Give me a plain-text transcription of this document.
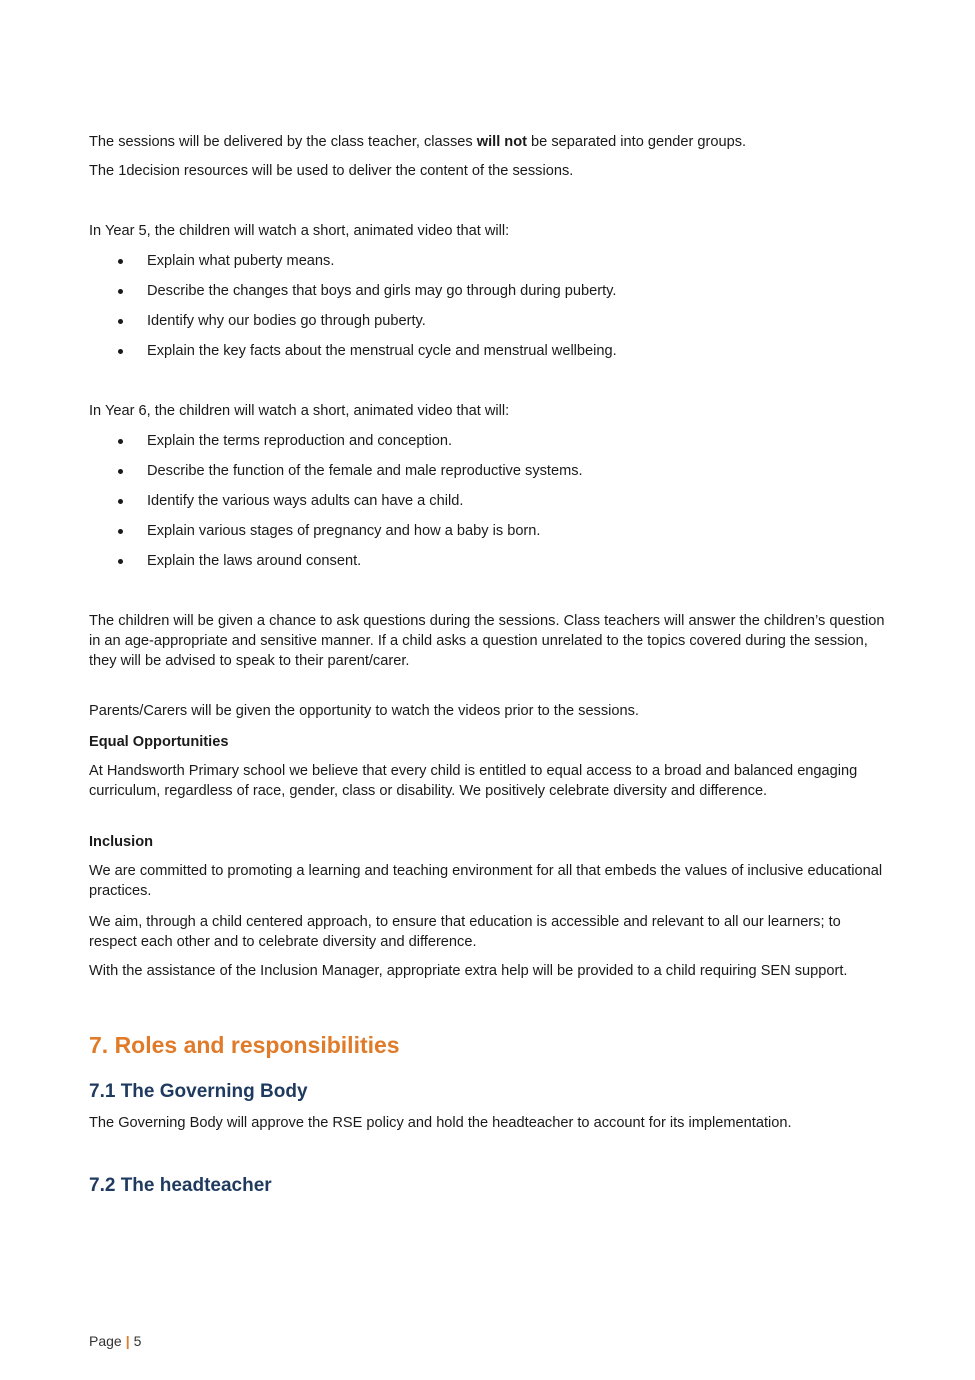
The sessions will be delivered by the class teacher, classes will not be separated into gender groups.

The 1decision resources will be used to deliver the content of the sessions.

In Year 5, the children will watch a short, animated video that will:

Explain what puberty means.
Describe the changes that boys and girls may go through during puberty.
Identify why our bodies go through puberty.
Explain the key facts about the menstrual cycle and menstrual wellbeing.

In Year 6, the children will watch a short, animated video that will:

Explain the terms reproduction and conception.
Describe the function of the female and male reproductive systems.
Identify the various ways adults can have a child.
Explain various stages of pregnancy and how a baby is born.
Explain the laws around consent.

The children will be given a chance to ask questions during the sessions. Class teachers will answer the children’s question in an age-appropriate and sensitive manner. If a child asks a question unrelated to the topics covered during the session, they will be advised to speak to their parent/carer.

Parents/Carers will be given the opportunity to watch the videos prior to the sessions.

Equal Opportunities

At Handsworth Primary school we believe that every child is entitled to equal access to a broad and balanced engaging curriculum, regardless of race, gender, class or disability. We positively celebrate diversity and difference.

Inclusion

We are committed to promoting a learning and teaching environment for all that embeds the values of inclusive educational practices.

We aim, through a child centered approach, to ensure that education is accessible and relevant to all our learners; to respect each other and to celebrate diversity and difference.

With the assistance of the Inclusion Manager, appropriate extra help will be provided to a child requiring SEN support.

7. Roles and responsibilities
7.1 The Governing Body

The Governing Body will approve the RSE policy and hold the headteacher to account for its implementation.

7.2 The headteacher
Page | 5
